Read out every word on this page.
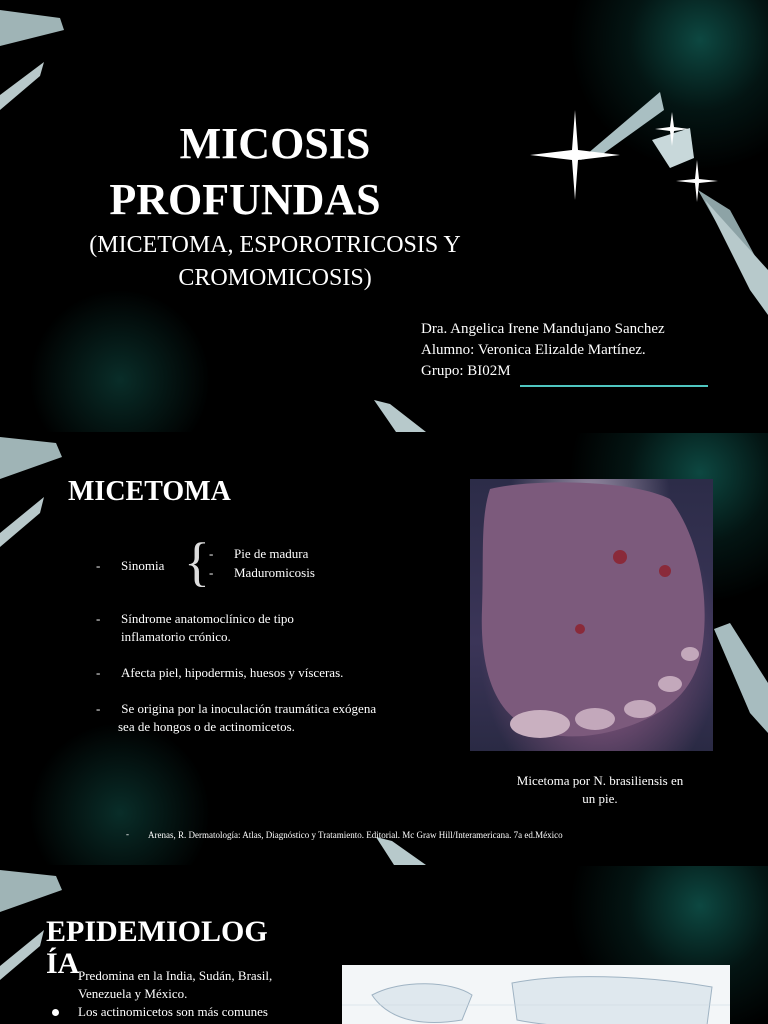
MICOSIS
PROFUNDAS
(MICETOMA, ESPOROTRICOSIS Y
CROMOMICOSIS)
Dra. Angelica Irene Mandujano Sanchez
Alumno: Veronica Elizalde Martínez.
Grupo: BI02M
MICETOMA
- Sinomia { - Pie de madura
- Maduromicosis
- Síndrome anatomoclínico de tipo inflamatorio crónico.
- Afecta piel, hipodermis, huesos y vísceras.
- Se origina por la inoculación traumática exógena sea de hongos o de actinomicetos.
Micetoma por N. brasiliensis en
un pie.
- Arenas, R. Dermatología: Atlas, Diagnóstico y Tratamiento. Editorial. Mc Graw Hill/Interamericana. 7a ed.México
EPIDEMIOLOG
ÍA
Predomina en la India, Sudán, Brasil, Venezuela y México.
Los actinomicetos son más comunes
